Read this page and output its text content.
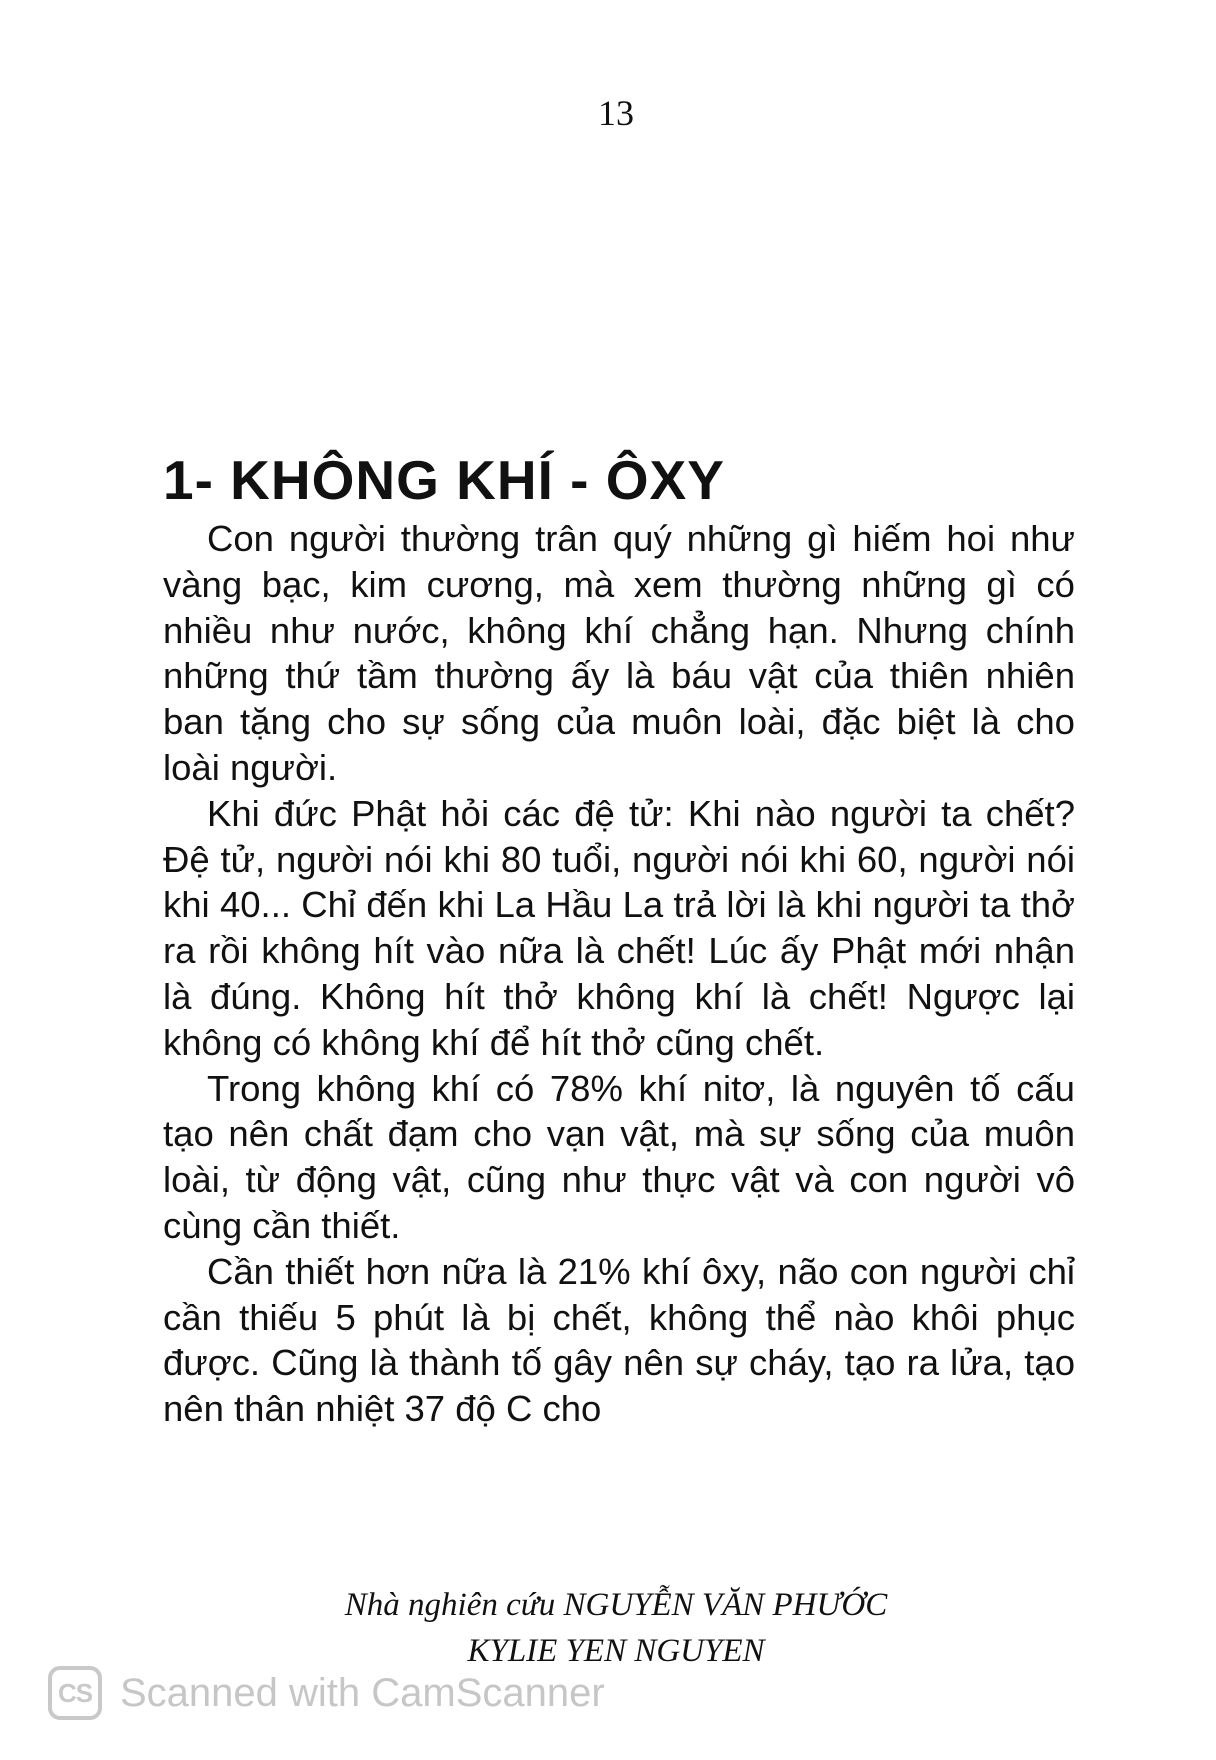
13
1- KHÔNG KHÍ - ÔXY

Con người thường trân quý những gì hiếm hoi như vàng bạc, kim cương, mà xem thường những gì có nhiều như nước, không khí chẳng hạn. Nhưng chính những thứ tầm thường ấy là báu vật của thiên nhiên ban tặng cho sự sống của muôn loài, đặc biệt là cho loài người.

Khi đức Phật hỏi các đệ tử: Khi nào người ta chết? Đệ tử, người nói khi 80 tuổi, người nói khi 60, người nói khi 40... Chỉ đến khi La Hầu La trả lời là khi người ta thở ra rồi không hít vào nữa là chết! Lúc ấy Phật mới nhận là đúng. Không hít thở không khí là chết! Ngược lại không có không khí để hít thở cũng chết.

Trong không khí có 78% khí nitơ, là nguyên tố cấu tạo nên chất đạm cho vạn vật, mà sự sống của muôn loài, từ động vật, cũng như thực vật và con người vô cùng cần thiết.

Cần thiết hơn nữa là 21% khí ôxy, não con người chỉ cần thiếu 5 phút là bị chết, không thể nào khôi phục được. Cũng là thành tố gây nên sự cháy, tạo ra lửa, tạo nên thân nhiệt 37 độ C cho

Nhà nghiên cứu NGUYỄN VĂN PHƯỚC
KYLIE YEN NGUYEN
CS Scanned with CamScanner
